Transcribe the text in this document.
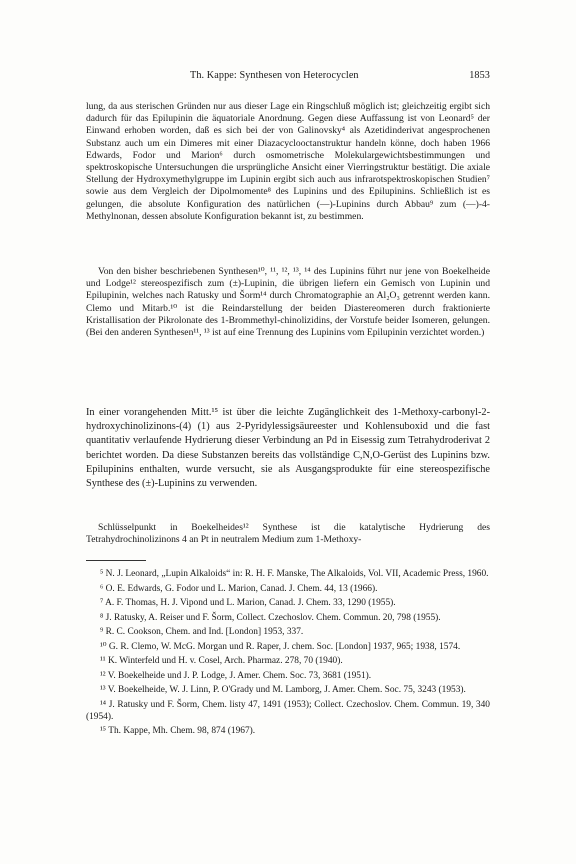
Th. Kappe: Synthesen von Heterocyclen	1853

lung, da aus sterischen Gründen nur aus dieser Lage ein Ringschluß möglich ist; gleichzeitig ergibt sich dadurch für das Epilupinin die äquatoriale Anordnung. Gegen diese Auffassung ist von Leonard⁵ der Einwand erhoben worden, daß es sich bei der von Galinovsky⁴ als Azetidinderivat angesprochenen Substanz auch um ein Dimeres mit einer Diazacyclooctanstruktur handeln könne, doch haben 1966 Edwards, Fodor und Marion⁶ durch osmometrische Molekulargewichtsbestimmungen und spektroskopische Untersuchungen die ursprüngliche Ansicht einer Vierringstruktur bestätigt. Die axiale Stellung der Hydroxymethylgruppe im Lupinin ergibt sich auch aus infrarotspektroskopischen Studien⁷ sowie aus dem Vergleich der Dipolmomente⁸ des Lupinins und des Epilupinins. Schließlich ist es gelungen, die absolute Konfiguration des natürlichen (—)-Lupinins durch Abbau⁹ zum (—)-4-Methylnonan, dessen absolute Konfiguration bekannt ist, zu bestimmen.

Von den bisher beschriebenen Synthesen¹⁰, ¹¹, ¹², ¹³, ¹⁴ des Lupinins führt nur jene von Boekelheide und Lodge¹² stereospezifisch zum (±)-Lupinin, die übrigen liefern ein Gemisch von Lupinin und Epilupinin, welches nach Ratusky und Šorm¹⁴ durch Chromatographie an Al₂O₃ getrennt werden kann. Clemo und Mitarb.¹⁰ ist die Reindarstellung der beiden Diastereomeren durch fraktionierte Kristallisation der Pikrolonate des 1-Brommethyl-chinolizidins, der Vorstufe beider Isomeren, gelungen. (Bei den anderen Synthesen¹¹, ¹³ ist auf eine Trennung des Lupinins vom Epilupinin verzichtet worden.)

In einer vorangehenden Mitt.¹⁵ ist über die leichte Zugänglichkeit des 1-Methoxy-carbonyl-2-hydroxychinolizinons-(4) (1) aus 2-Pyridylessigsäureester und Kohlensuboxid und die fast quantitativ verlaufende Hydrierung dieser Verbindung an Pd in Eisessig zum Tetrahydroderivat 2 berichtet worden. Da diese Substanzen bereits das vollständige C,N,O-Gerüst des Lupinins bzw. Epilupinins enthalten, wurde versucht, sie als Ausgangsprodukte für eine stereospezifische Synthese des (±)-Lupinins zu verwenden.

Schlüsselpunkt in Boekelheides¹² Synthese ist die katalytische Hydrierung des Tetrahydrochinolizinons 4 an Pt in neutralem Medium zum 1-Methoxy-

⁵ N. J. Leonard, „Lupin Alkaloids“ in: R. H. F. Manske, The Alkaloids, Vol. VII, Academic Press, 1960.
⁶ O. E. Edwards, G. Fodor und L. Marion, Canad. J. Chem. 44, 13 (1966).
⁷ A. F. Thomas, H. J. Vipond und L. Marion, Canad. J. Chem. 33, 1290 (1955).
⁸ J. Ratusky, A. Reiser und F. Šorm, Collect. Czechoslov. Chem. Commun. 20, 798 (1955).
⁹ R. C. Cookson, Chem. and Ind. [London] 1953, 337.
¹⁰ G. R. Clemo, W. McG. Morgan und R. Raper, J. chem. Soc. [London] 1937, 965; 1938, 1574.
¹¹ K. Winterfeld und H. v. Cosel, Arch. Pharmaz. 278, 70 (1940).
¹² V. Boekelheide und J. P. Lodge, J. Amer. Chem. Soc. 73, 3681 (1951).
¹³ V. Boekelheide, W. J. Linn, P. O'Grady und M. Lamborg, J. Amer. Chem. Soc. 75, 3243 (1953).
¹⁴ J. Ratusky und F. Šorm, Chem. listy 47, 1491 (1953); Collect. Czechoslov. Chem. Commun. 19, 340 (1954).
¹⁵ Th. Kappe, Mh. Chem. 98, 874 (1967).
